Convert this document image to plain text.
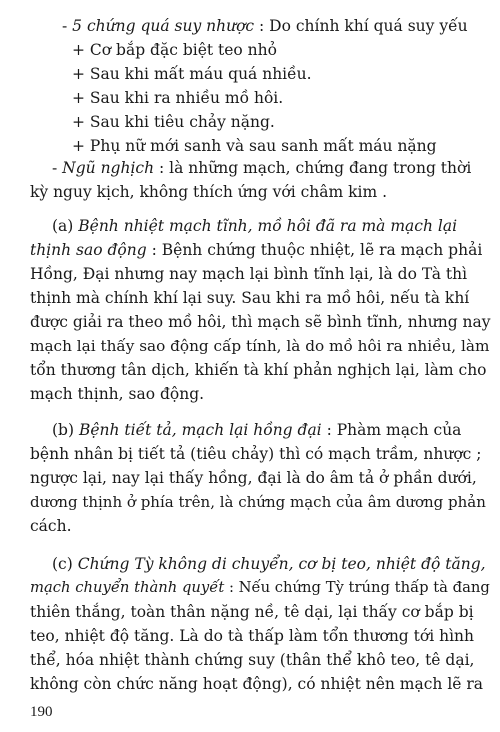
- 5 chứng quá suy nhược : Do chính khí quá suy yếu
+ Cơ bắp đặc biệt teo nhỏ
+ Sau khi mất máu quá nhiều.
+ Sau khi ra nhiều mồ hôi.
+ Sau khi tiêu chảy nặng.
+ Phụ nữ mới sanh và sau sanh mất máu nặng
- Ngũ nghịch : là những mạch, chứng đang trong thời
kỳ nguy kịch, không thích ứng với châm kim .
(a) Bệnh nhiệt mạch tĩnh, mồ hôi đã ra mà mạch lại
thịnh sao động : Bệnh chứng thuộc nhiệt, lẽ ra mạch phải
Hồng, Đại nhưng nay mạch lại bình tĩnh lại, là do Tà thì
thịnh mà chính khí lại suy. Sau khi ra mồ hôi, nếu tà khí
được giải ra theo mồ hôi, thì mạch sẽ bình tĩnh, nhưng nay
mạch lại thấy sao động cấp tính, là do mồ hôi ra nhiều, làm
tổn thương tân dịch, khiến tà khí phản nghịch lại, làm cho
mạch thịnh, sao động.
(b) Bệnh tiết tả, mạch lại hồng đại : Phàm mạch của
bệnh nhân bị tiết tả (tiêu chảy) thì có mạch trầm, nhược ;
ngược lại, nay lại thấy hồng, đại là do âm tả ở phần dưới,
dương thịnh ở phía trên, là chứng mạch của âm dương phản
cách.
(c) Chứng Tỳ không di chuyển, cơ bị teo, nhiệt độ tăng,
mạch chuyển thành quyết : Nếu chứng Tỳ trúng thấp tà đang
thiên thắng, toàn thân nặng nề, tê dại, lại thấy cơ bắp bị
teo, nhiệt độ tăng. Là do tà thấp làm tổn thương tới hình
thể, hóa nhiệt thành chứng suy (thân thể khô teo, tê dại,
không còn chức năng hoạt động), có nhiệt nên mạch lẽ ra
190
